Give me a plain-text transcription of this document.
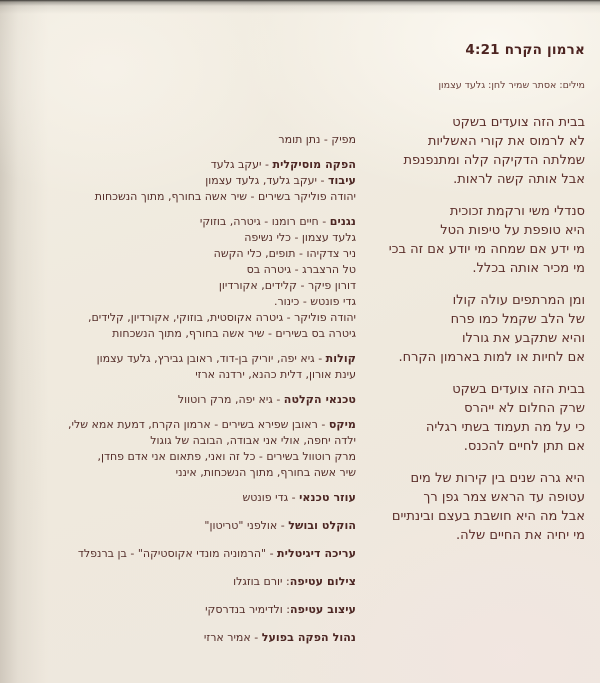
ארמון הקרח 4:21
מילים: אסתר שמיר לחן: גלעד עצמון
בבית הזה צועדים בשקט
לא לרמוס את קורי האשליות
שמלתה הדקיקה קלה ומתנפנפת
אבל אותה קשה לראות.
סנדלי משי ורקמת זכוכית
היא טופפת על טיפות הטל
מי ידע אם שמחה מי יודע אם זה בכי
מי מכיר אותה בכלל.
ומן המרתפים עולה קולו
של הלב שקמל כמו פרח
והיא שתקבע את גורלו
אם לחיות או למות בארמון הקרח.
בבית הזה צועדים בשקט
שרק החלום לא ייהרס
כי על מה תעמוד בשתי רגליה
אם תתן לחיים להכנס.
היא גרה שנים בין קירות של מים
עטופה עד הראש צמר גפן רך
אבל מה היא חושבת בעצם ובינתיים
מי יחיה את החיים שלה.
מפיק - נתן תומר
הפקה מוסיקלית - יעקב גלעד
עיבוד - יעקב גלעד, גלעד עצמון
יהודה פוליקר בשירים - שיר אשה בחורף, מתוך הנשכחות
נגנים - חיים רומנו - גיטרה, בוזוקי
גלעד עצמון - כלי נשיפה
ניר צדקיהו - תופים, כלי הקשה
טל הרצברג - גיטרה בס
דורון פיקר - קלידים, אקורדיון
גדי פונטש - כינור.
יהודה פוליקר - גיטרה אקוסטית, בוזוקי, אקורדיון, קלידים,
גיטרה בס בשירים - שיר אשה בחורף, מתוך הנשכחות
קולות - גיא יפה, יוריק בן-דוד, ראובן גבירץ, גלעד עצמון
עינת אורון, דלית כהנא, ירדנה ארזי
טכנאי הקלטה - גיא יפה, מרק רוטוול
מיקס - ראובן שפירא בשירים - ארמון הקרח, דמעת אמא שלי,
ילדה יחפה, אולי אני אבודה, הבובה של גוגול
מרק רוטוול בשירים - כל זה ואני, פתאום אני אדם פחדן,
שיר אשה בחורף, מתוך הנשכחות, אינני
עוזר טכנאי - גדי פונטש
הוקלט ובושל - אולפני "טריטון"
עריכה דיגיטלית - "הרמוניה מונדי אקוסטיקה" - בן ברנפלד
צילום עטיפה: יורם בוזגלו
עיצוב עטיפה: ולדימיר בנדרסקי
נהול הפקה בפועל - אמיר ארזי
